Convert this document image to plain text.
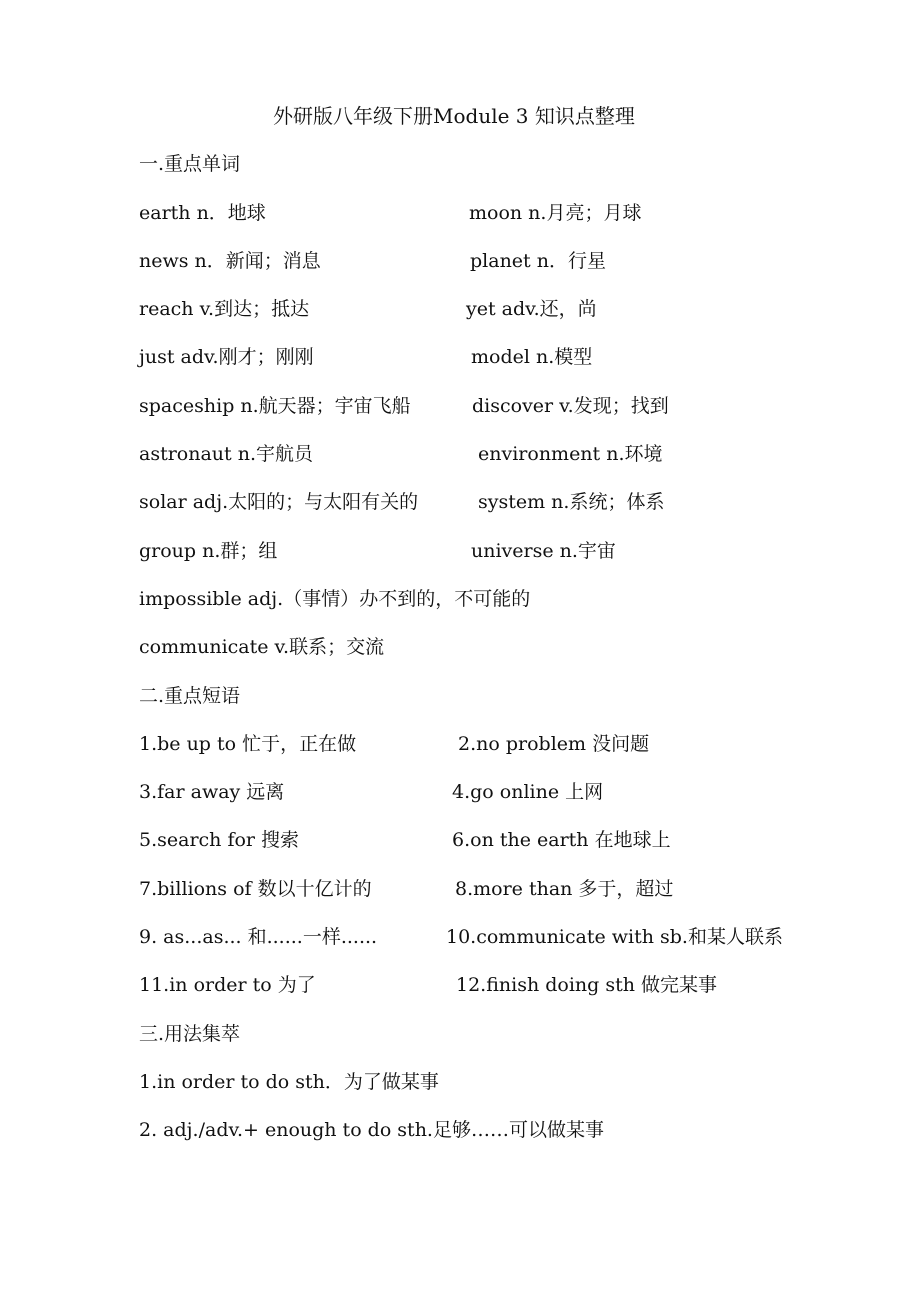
外研版八年级下册Module 3 知识点整理
一.重点单词
earth n．地球	moon n.月亮；月球
news n．新闻；消息	planet n．行星
reach v.到达；抵达	yet adv.还，尚
just adv.刚才；刚刚	model n.模型
spaceship n.航天器；宇宙飞船	discover v.发现；找到
astronaut n.宇航员	environment n.环境
solar adj.太阳的；与太阳有关的	system n.系统；体系
group n.群；组	universe n.宇宙
impossible adj.（事情）办不到的，不可能的
communicate v.联系；交流
二.重点短语
1.be up to 忙于，正在做	2.no problem 没问题
3.far away 远离	4.go online 上网
5.search for 搜索	6.on the earth 在地球上
7.billions of 数以十亿计的	8.more than 多于，超过
9. as...as... 和......一样......	10.communicate with sb.和某人联系
11.in order to 为了	12.finish doing sth 做完某事
三.用法集萃
1.in order to do sth．为了做某事
2. adj./adv.+ enough to do sth.足够……可以做某事
